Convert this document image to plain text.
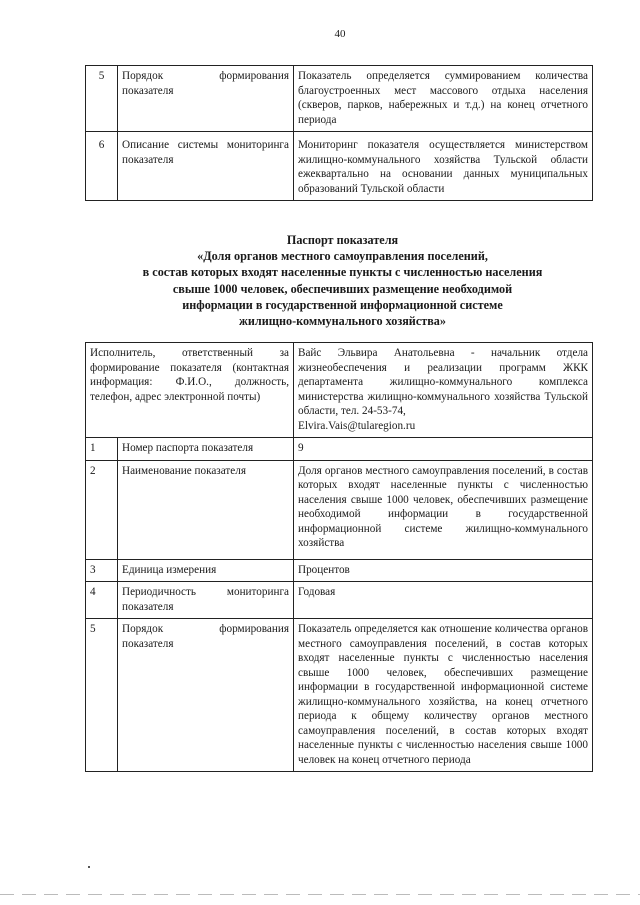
40
5	Порядок формирования показателя	Показатель определяется суммированием количества благоустроенных мест массового отдыха населения (скверов, парков, набережных и т.д.) на конец отчетного периода
6	Описание системы мониторинга показателя	Мониторинг показателя осуществляется министерством жилищно-коммунального хозяйства Тульской области ежеквартально на основании данных муниципальных образований Тульской области
Паспорт показателя
«Доля органов местного самоуправления поселений,
в состав которых входят населенные пункты с численностью населения
свыше 1000 человек, обеспечивших размещение необходимой
информации в государственной информационной системе
жилищно-коммунального хозяйства»
Исполнитель, ответственный за формирование показателя (контактная информация: Ф.И.О., должность, телефон, адрес электронной почты)		Вайс Эльвира Анатольевна - начальник отдела жизнеобеспечения и реализации программ ЖКК департамента жилищно-коммунального комплекса министерства жилищно-коммунального хозяйства Тульской области, тел. 24-53-74,
Elvira.Vais@tularegion.ru
1	Номер паспорта показателя	9
2	Наименование показателя	Доля органов местного самоуправления поселений, в состав которых входят населенные пункты с численностью населения свыше 1000 человек, обеспечивших размещение необходимой информации в государственной информационной системе жилищно-коммунального хозяйства
3	Единица измерения	Процентов
4	Периодичность мониторинга показателя	Годовая
5	Порядок формирования показателя	Показатель определяется как отношение количества органов местного самоуправления поселений, в состав которых входят населенные пункты с численностью населения свыше 1000 человек, обеспечивших размещение информации в государственной информационной системе жилищно-коммунального хозяйства, на конец отчетного периода к общему количеству органов местного самоуправления поселений, в состав которых входят населенные пункты с численностью населения свыше 1000 человек на конец отчетного периода
